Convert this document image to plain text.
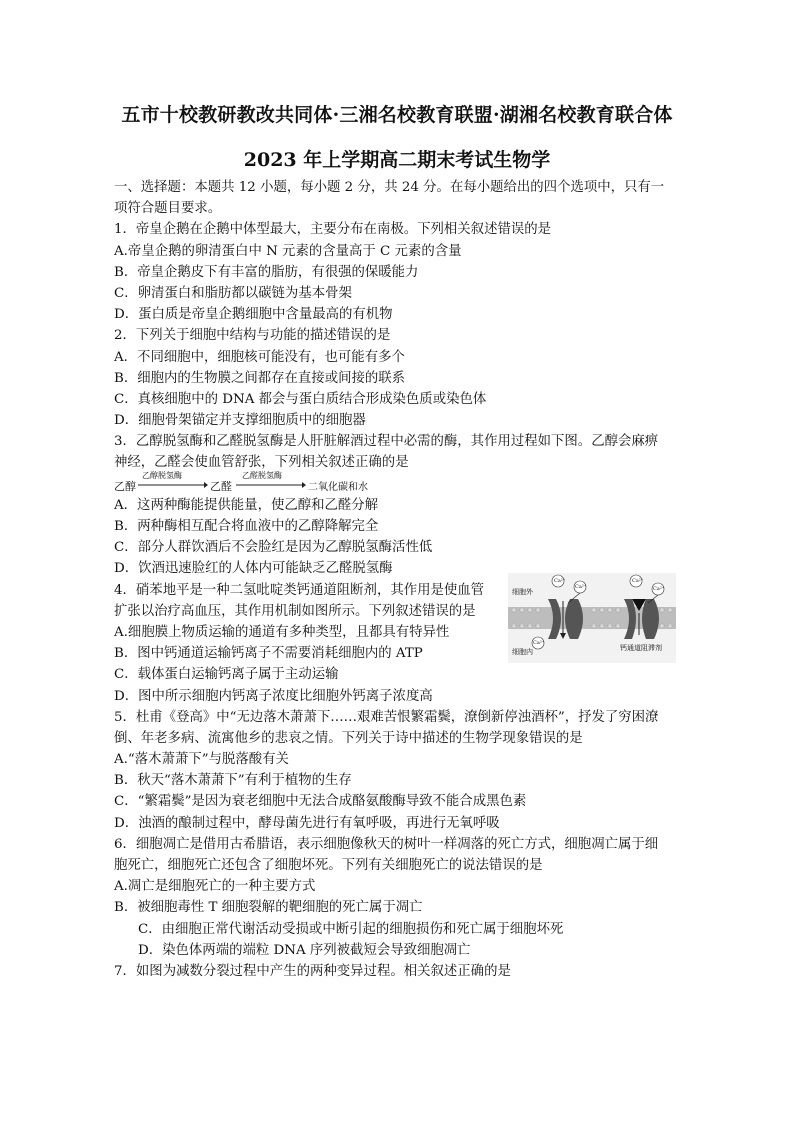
五市十校教研教改共同体·三湘名校教育联盟·湖湘名校教育联合体
2023 年上学期高二期末考试生物学
一、选择题：本题共 12 小题，每小题 2 分，共 24 分。在每小题给出的四个选项中，只有一
项符合题目要求。
1．帝皇企鹅在企鹅中体型最大，主要分布在南极。下列相关叙述错误的是
A.帝皇企鹅的卵清蛋白中 N 元素的含量高于 C 元素的含量
B．帝皇企鹅皮下有丰富的脂肪，有很强的保暖能力
C．卵清蛋白和脂肪都以碳链为基本骨架
D．蛋白质是帝皇企鹅细胞中含量最高的有机物
2．下列关于细胞中结构与功能的描述错误的是
A．不同细胞中，细胞核可能没有，也可能有多个
B．细胞内的生物膜之间都存在直接或间接的联系
C．真核细胞中的 DNA 都会与蛋白质结合形成染色质或染色体
D．细胞骨架锚定并支撑细胞质中的细胞器
3．乙醇脱氢酶和乙醛脱氢酶是人肝脏解酒过程中必需的酶，其作用过程如下图。乙醇会麻痹
神经，乙醛会使血管舒张，下列相关叙述正确的是
A．这两种酶能提供能量，使乙醇和乙醛分解
B．两种酶相互配合将血液中的乙醇降解完全
C．部分人群饮酒后不会脸红是因为乙醇脱氢酶活性低
D．饮酒迅速脸红的人体内可能缺乏乙醛脱氢酶
4．硝苯地平是一种二氢吡啶类钙通道阻断剂，其作用是使血管
扩张以治疗高血压，其作用机制如图所示。下列叙述错误的是
A.细胞膜上物质运输的通道有多种类型，且都具有特异性
B．图中钙通道运输钙离子不需要消耗细胞内的 ATP
C．载体蛋白运输钙离子属于主动运输
D．图中所示细胞内钙离子浓度比细胞外钙离子浓度高
5．杜甫《登高》中“无边落木萧萧下……艰难苦恨繁霜鬓，潦倒新停浊酒杯”，抒发了穷困潦
倒、年老多病、流寓他乡的悲哀之情。下列关于诗中描述的生物学现象错误的是
A.“落木萧萧下”与脱落酸有关
B．秋天“落木萧萧下”有利于植物的生存
C．“繁霜鬓”是因为衰老细胞中无法合成酪氨酸酶导致不能合成黑色素
D．浊酒的酿制过程中，酵母菌先进行有氧呼吸，再进行无氧呼吸
6．细胞凋亡是借用古希腊语，表示细胞像秋天的树叶一样凋落的死亡方式，细胞凋亡属于细
胞死亡，细胞死亡还包含了细胞坏死。下列有关细胞死亡的说法错误的是
A.凋亡是细胞死亡的一种主要方式
B．被细胞毒性 T 细胞裂解的靶细胞的死亡属于凋亡
C．由细胞正常代谢活动受损或中断引起的细胞损伤和死亡属于细胞坏死
D．染色体两端的端粒 DNA 序列被截短会导致细胞凋亡
7．如图为减数分裂过程中产生的两种变异过程。相关叙述正确的是
乙醇
乙醇脱氢酶
乙醛
乙醛脱氢酶
二氧化碳和水
Ca²⁺
Ca²⁺
Ca²⁺
Ca²⁺
Ca²⁺
细胞外
细胞内	钙通道阻滞剂
